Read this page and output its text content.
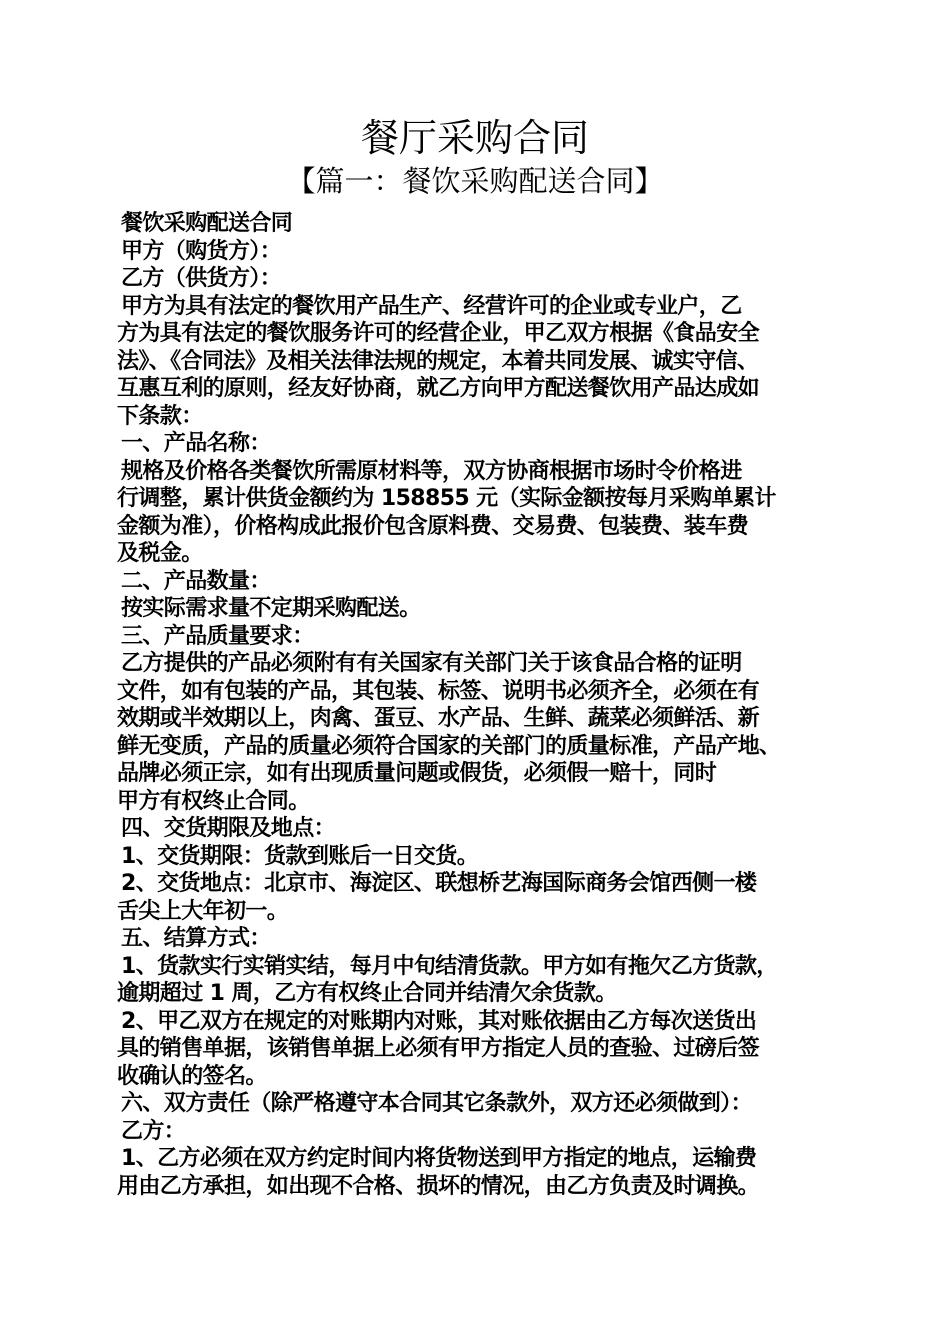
餐厅采购合同
【篇一：餐饮采购配送合同】
餐饮采购配送合同
甲方（购货方）：
乙方（供货方）：
甲方为具有法定的餐饮用产品生产、经营许可的企业或专业户，乙
方为具有法定的餐饮服务许可的经营企业，甲乙双方根据《食品安全
法》、《合同法》及相关法律法规的规定，本着共同发展、诚实守信、
互惠互利的原则，经友好协商，就乙方向甲方配送餐饮用产品达成如
下条款：
一、产品名称：
规格及价格各类餐饮所需原材料等，双方协商根据市场时令价格进
行调整，累计供货金额约为 158855 元（实际金额按每月采购单累计
金额为准），价格构成此报价包含原料费、交易费、包装费、装车费
及税金。
二、产品数量：
按实际需求量不定期采购配送。
三、产品质量要求：
乙方提供的产品必须附有有关国家有关部门关于该食品合格的证明
文件，如有包装的产品，其包装、标签、说明书必须齐全，必须在有
效期或半效期以上，肉禽、蛋豆、水产品、生鲜、蔬菜必须鲜活、新
鲜无变质，产品的质量必须符合国家的关部门的质量标准，产品产地、
品牌必须正宗，如有出现质量问题或假货，必须假一赔十，同时
甲方有权终止合同。
四、交货期限及地点：
1、交货期限：货款到账后一日交货。
2、交货地点：北京市、海淀区、联想桥艺海国际商务会馆西侧一楼
舌尖上大年初一。
五、结算方式：
1、货款实行实销实结，每月中旬结清货款。甲方如有拖欠乙方货款，
逾期超过 1 周，乙方有权终止合同并结清欠余货款。
2、甲乙双方在规定的对账期内对账，其对账依据由乙方每次送货出
具的销售单据，该销售单据上必须有甲方指定人员的查验、过磅后签
收确认的签名。
六、双方责任（除严格遵守本合同其它条款外，双方还必须做到）：
乙方：
1、乙方必须在双方约定时间内将货物送到甲方指定的地点，运输费
用由乙方承担，如出现不合格、损坏的情况，由乙方负责及时调换。
